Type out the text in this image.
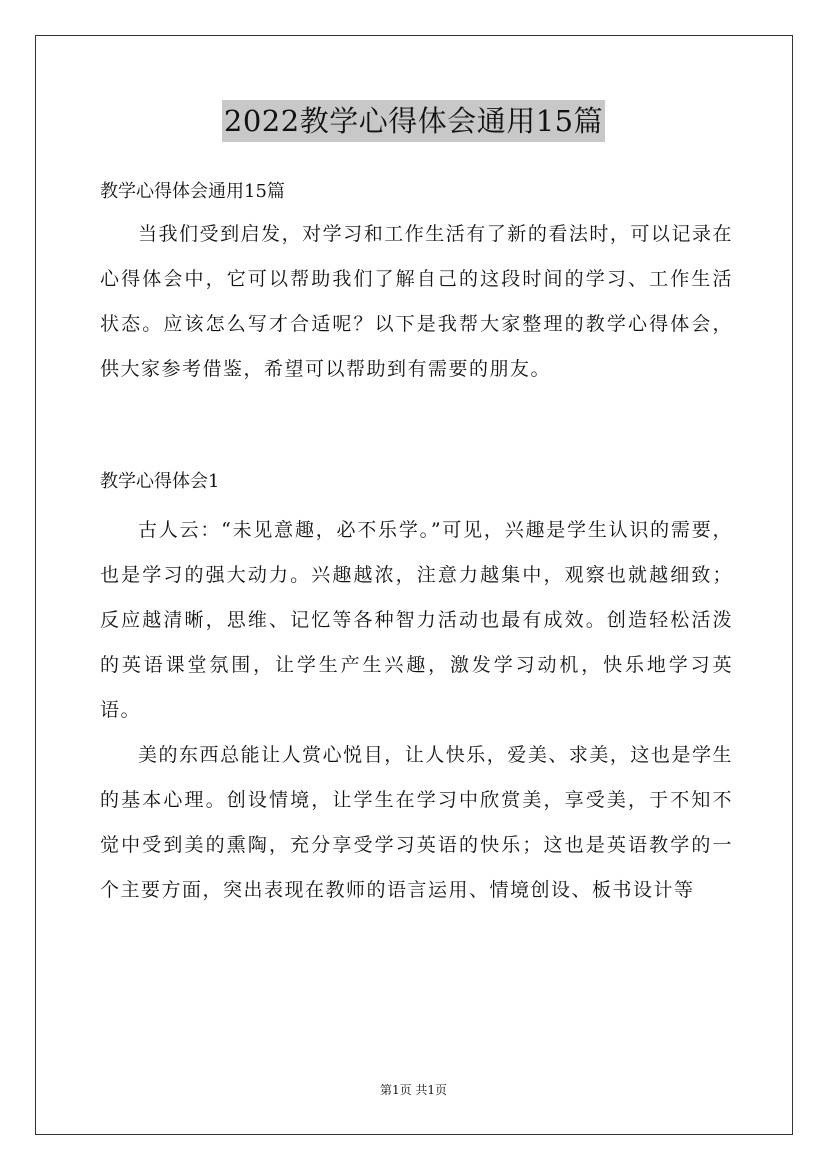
2022教学心得体会通用15篇

教学心得体会通用15篇

当我们受到启发，对学习和工作生活有了新的看法时，可以记录在心得体会中，它可以帮助我们了解自己的这段时间的学习、工作生活状态。应该怎么写才合适呢？以下是我帮大家整理的教学心得体会，供大家参考借鉴，希望可以帮助到有需要的朋友。

教学心得体会1

古人云：“未见意趣，必不乐学。”可见，兴趣是学生认识的需要，也是学习的强大动力。兴趣越浓，注意力越集中，观察也就越细致；反应越清晰，思维、记忆等各种智力活动也最有成效。创造轻松活泼的英语课堂氛围，让学生产生兴趣，激发学习动机，快乐地学习英语。

美的东西总能让人赏心悦目，让人快乐，爱美、求美，这也是学生的基本心理。创设情境，让学生在学习中欣赏美，享受美，于不知不觉中受到美的熏陶，充分享受学习英语的快乐；这也是英语教学的一个主要方面，突出表现在教师的语言运用、情境创设、板书设计等

第1页 共1页
